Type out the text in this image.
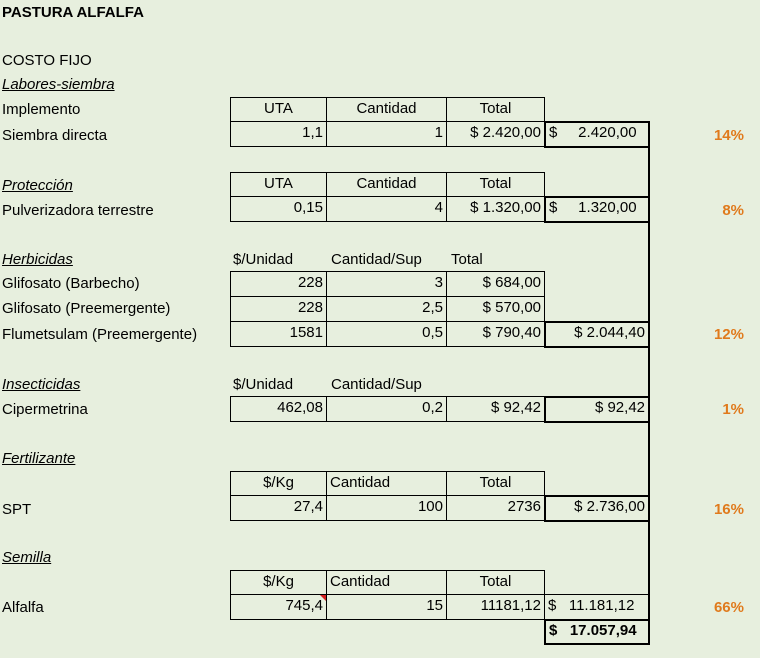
PASTURA ALFALFA
COSTO FIJO
Labores-siembra
Implemento	UTA	Cantidad	Total
Siembra directa	1,1	1	$ 2.420,00 $     2.420,00	14%
Protección	UTA	Cantidad	Total
Pulverizadora terrestre	0,15	4	$ 1.320,00 $     1.320,00	8%
Herbicidas	$/Unidad	Cantidad/Sup Total
Glifosato (Barbecho)	228	3	$ 684,00
Glifosato (Preemergente)	228	2,5	$ 570,00
Flumetsulam (Preemergente)	1581	0,5	$ 790,40	$ 2.044,40	12%
Insecticidas	$/Unidad	Cantidad/Sup
Cipermetrina	462,08	0,2	$ 92,42	$ 92,42	1%
Fertilizante
$/Kg	Cantidad	Total
SPT	27,4	100	2736	$ 2.736,00	16%
Semilla
$/Kg	Cantidad	Total
Alfalfa	745,4	15	11181,12 $   11.181,12	66%
$   17.057,94
